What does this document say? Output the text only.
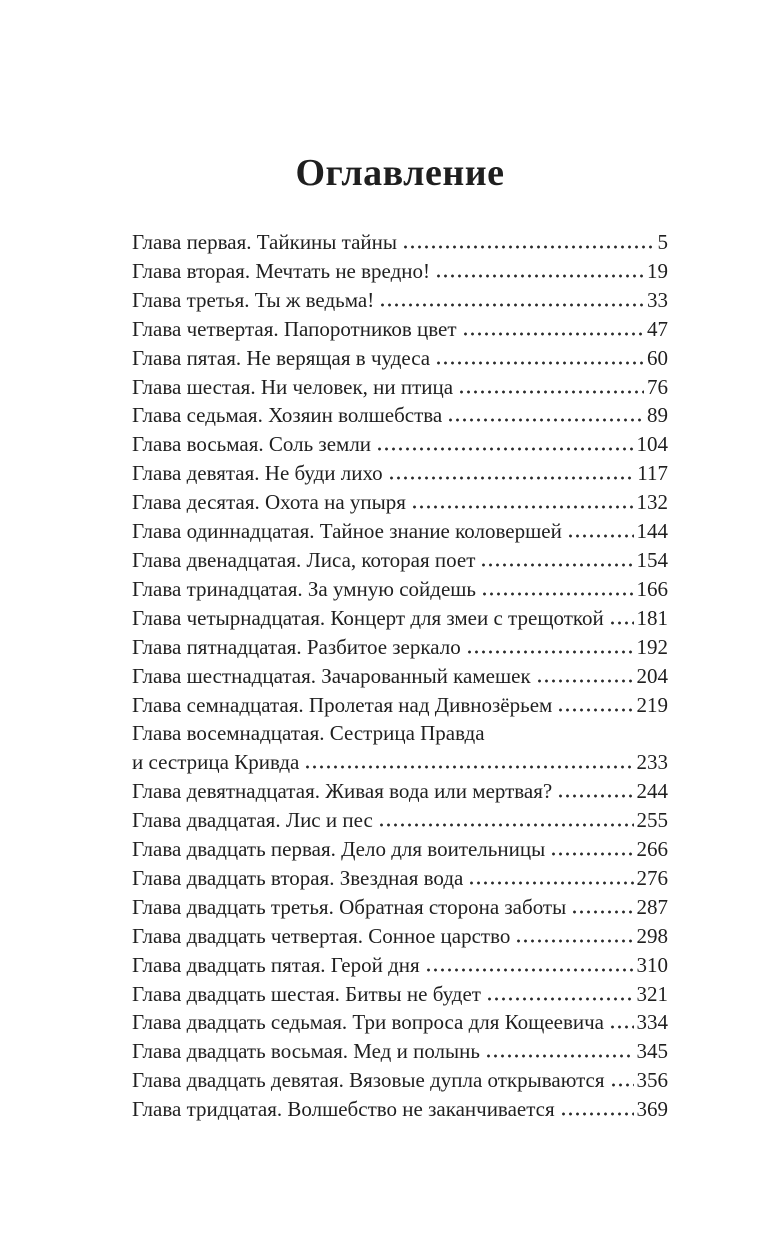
Оглавление
Глава первая. Тайкины тайны	5
Глава вторая. Мечтать не вредно!	19
Глава третья. Ты ж ведьма!	33
Глава четвертая. Папоротников цвет	47
Глава пятая. Не верящая в чудеса	60
Глава шестая. Ни человек, ни птица	76
Глава седьмая. Хозяин волшебства	89
Глава восьмая. Соль земли	104
Глава девятая. Не буди лихо	117
Глава десятая. Охота на упыря	132
Глава одиннадцатая. Тайное знание коловершей	144
Глава двенадцатая. Лиса, которая поет	154
Глава тринадцатая. За умную сойдешь	166
Глава четырнадцатая. Концерт для змеи с трещоткой 181
Глава пятнадцатая. Разбитое зеркало	192
Глава шестнадцатая. Зачарованный камешек	204
Глава семнадцатая. Пролетая над Дивнозёрьем	219
Глава восемнадцатая. Сестрица Правда
и сестрица Кривда	233
Глава девятнадцатая. Живая вода или мертвая?	244
Глава двадцатая. Лис и пес	255
Глава двадцать первая. Дело для воительницы	266
Глава двадцать вторая. Звездная вода	276
Глава двадцать третья. Обратная сторона заботы	287
Глава двадцать четвертая. Сонное царство	298
Глава двадцать пятая. Герой дня	310
Глава двадцать шестая. Битвы не будет	321
Глава двадцать седьмая. Три вопроса для Кощеевича 334
Глава двадцать восьмая. Мед и полынь	345
Глава двадцать девятая. Вязовые дупла открываются 356
Глава тридцатая. Волшебство не заканчивается	369
